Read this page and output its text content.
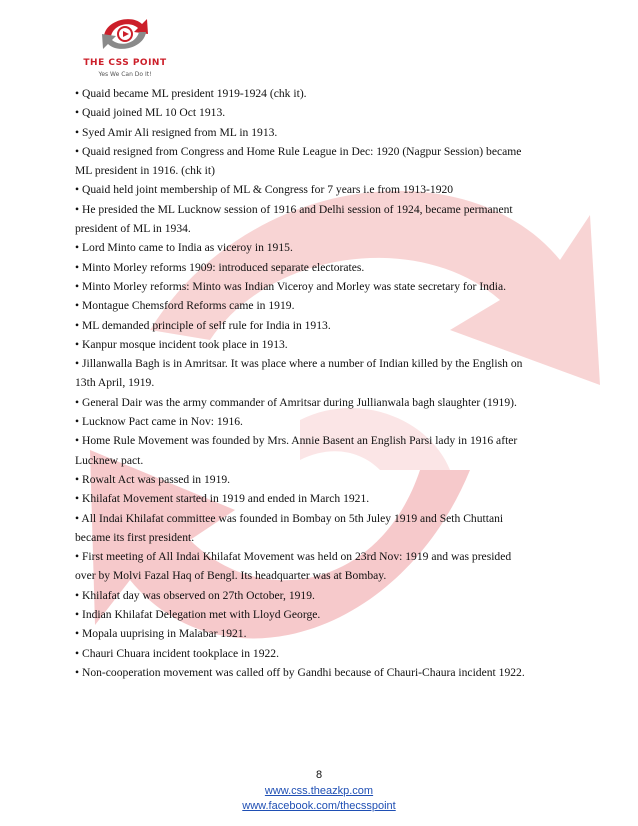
THE CSS POINT
Yes We Can Do It!

• Quaid became ML president 1919-1924 (chk it).

• Quaid joined ML 10 Oct 1913.

• Syed Amir Ali resigned from ML in 1913.

• Quaid resigned from Congress and Home Rule League in Dec: 1920 (Nagpur Session) became

ML president in 1916. (chk it)

• Quaid held joint membership of ML & Congress for 7 years i.e from 1913-1920

• He presided the ML Lucknow session of 1916 and Delhi session of 1924, became permanent

president of ML in 1934.

• Lord Minto came to India as viceroy in 1915.

• Minto Morley reforms 1909: introduced separate electorates.

• Minto Morley reforms: Minto was Indian Viceroy and Morley was state secretary for India.

• Montague Chemsford Reforms came in 1919.

• ML demanded principle of self rule for India in 1913.

• Kanpur mosque incident took place in 1913.

• Jillanwalla Bagh is in Amritsar. It was place where a number of Indian killed by the English on

13th April, 1919.

• General Dair was the army commander of Amritsar during Jullianwala bagh slaughter (1919).

• Lucknow Pact came in Nov: 1916.

• Home Rule Movement was founded by Mrs. Annie Basent an English Parsi lady in 1916 after

Lucknew pact.

• Rowalt Act was passed in 1919.

• Khilafat Movement started in 1919 and ended in March 1921.

• All Indai Khilafat committee was founded in Bombay on 5th Juley 1919 and Seth Chuttani

became its first president.

• First meeting of All Indai Khilafat Movement was held on 23rd Nov: 1919 and was presided

over by Molvi Fazal Haq of Bengl. Its headquarter was at Bombay.

• Khilafat day was observed on 27th October, 1919.

• Indian Khilafat Delegation met with Lloyd George.

• Mopala uuprising in Malabar 1921.

• Chauri Chuara incident tookplace in 1922.

• Non-cooperation movement was called off by Gandhi because of Chauri-Chaura incident 1922.

8
www.css.theazkp.com
www.facebook.com/thecsspoint
